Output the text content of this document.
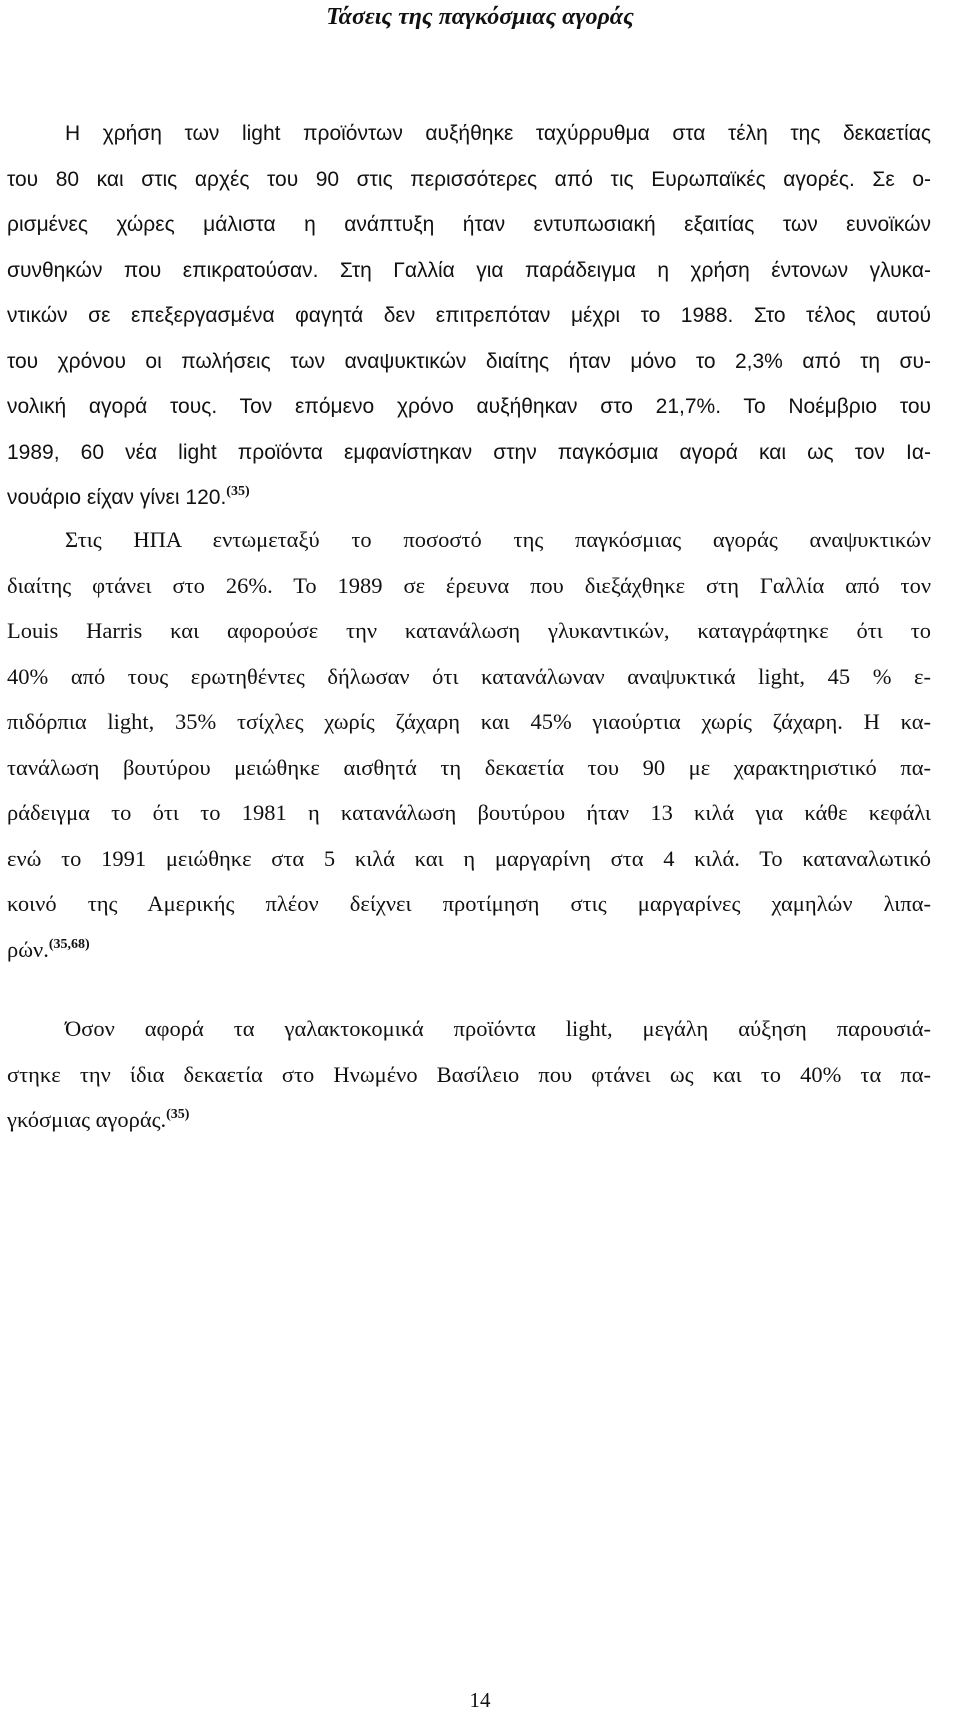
Τάσεις της παγκόσμιας αγοράς
Η χρήση των light προϊόντων αυξήθηκε ταχύρρυθμα στα τέλη της δεκαετίας
του 80 και στις αρχές του 90 στις περισσότερες από τις Ευρωπαϊκές αγορές. Σε ο-
ρισμένες χώρες μάλιστα η ανάπτυξη ήταν εντυπωσιακή εξαιτίας των ευνοϊκών
συνθηκών που επικρατούσαν. Στη Γαλλία για παράδειγμα η χρήση έντονων γλυκα-
ντικών σε επεξεργασμένα φαγητά δεν επιτρεπόταν μέχρι το 1988. Στο τέλος αυτού
του χρόνου οι πωλήσεις των αναψυκτικών διαίτης ήταν μόνο το 2,3% από τη συ-
νολική αγορά τους. Τον επόμενο χρόνο αυξήθηκαν στο 21,7%. Το Νοέμβριο του
1989, 60 νέα light προϊόντα εμφανίστηκαν στην παγκόσμια αγορά και ως τον Ια-
νουάριο είχαν γίνει 120.$^{(35)}$
Στις ΗΠΑ εντωμεταξύ το ποσοστό της παγκόσμιας αγοράς αναψυκτικών
διαίτης φτάνει στο 26%. Το 1989 σε έρευνα που διεξάχθηκε στη Γαλλία από τον
Louis Harris και αφορούσε την κατανάλωση γλυκαντικών, καταγράφτηκε ότι το
40% από τους ερωτηθέντες δήλωσαν ότι κατανάλωναν αναψυκτικά light, 45 % ε-
πιδόρπια light, 35% τσίχλες χωρίς ζάχαρη και 45% γιαούρτια χωρίς ζάχαρη. Η κα-
τανάλωση βουτύρου μειώθηκε αισθητά τη δεκαετία του 90 με χαρακτηριστικό πα-
ράδειγμα το ότι το 1981 η κατανάλωση βουτύρου ήταν 13 κιλά για κάθε κεφάλι
ενώ το 1991 μειώθηκε στα 5 κιλά και η μαργαρίνη στα 4 κιλά. Το καταναλωτικό
κοινό της Αμερικής πλέον δείχνει προτίμηση στις μαργαρίνες χαμηλών λιπα-
ρών.$^{(35,68)}$
Όσον αφορά τα γαλακτοκομικά προϊόντα light, μεγάλη αύξηση παρουσιά-
στηκε την ίδια δεκαετία στο Ηνωμένο Βασίλειο που φτάνει ως και το 40% τα πα-
γκόσμιας αγοράς.$^{(35)}$
14
